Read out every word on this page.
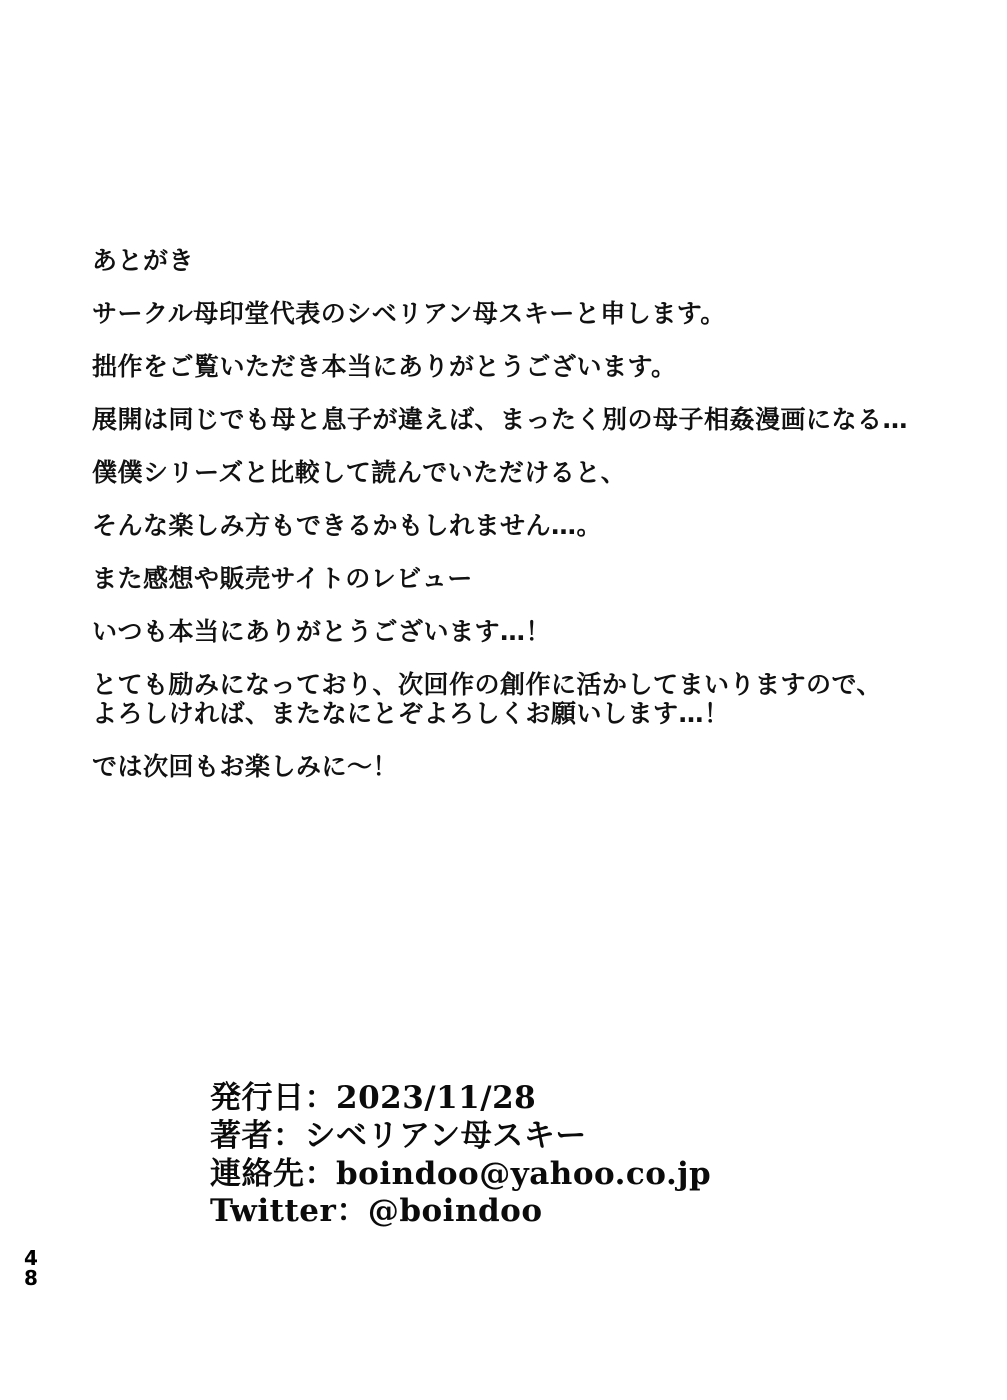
あとがき
サークル母印堂代表のシベリアン母スキーと申します。
拙作をご覧いただき本当にありがとうございます。
展開は同じでも母と息子が違えば、まったく別の母子相姦漫画になる…
僕僕シリーズと比較して読んでいただけると、
そんな楽しみ方もできるかもしれません…。
また感想や販売サイトのレビュー
いつも本当にありがとうございます…！
とても励みになっており、次回作の創作に活かしてまいりますので、
よろしければ、またなにとぞよろしくお願いします…！
では次回もお楽しみに〜！
発行日：2023/11/28
著者：シベリアン母スキー
連絡先：boindoo@yahoo.co.jp
Twitter：@boindoo
4
8
